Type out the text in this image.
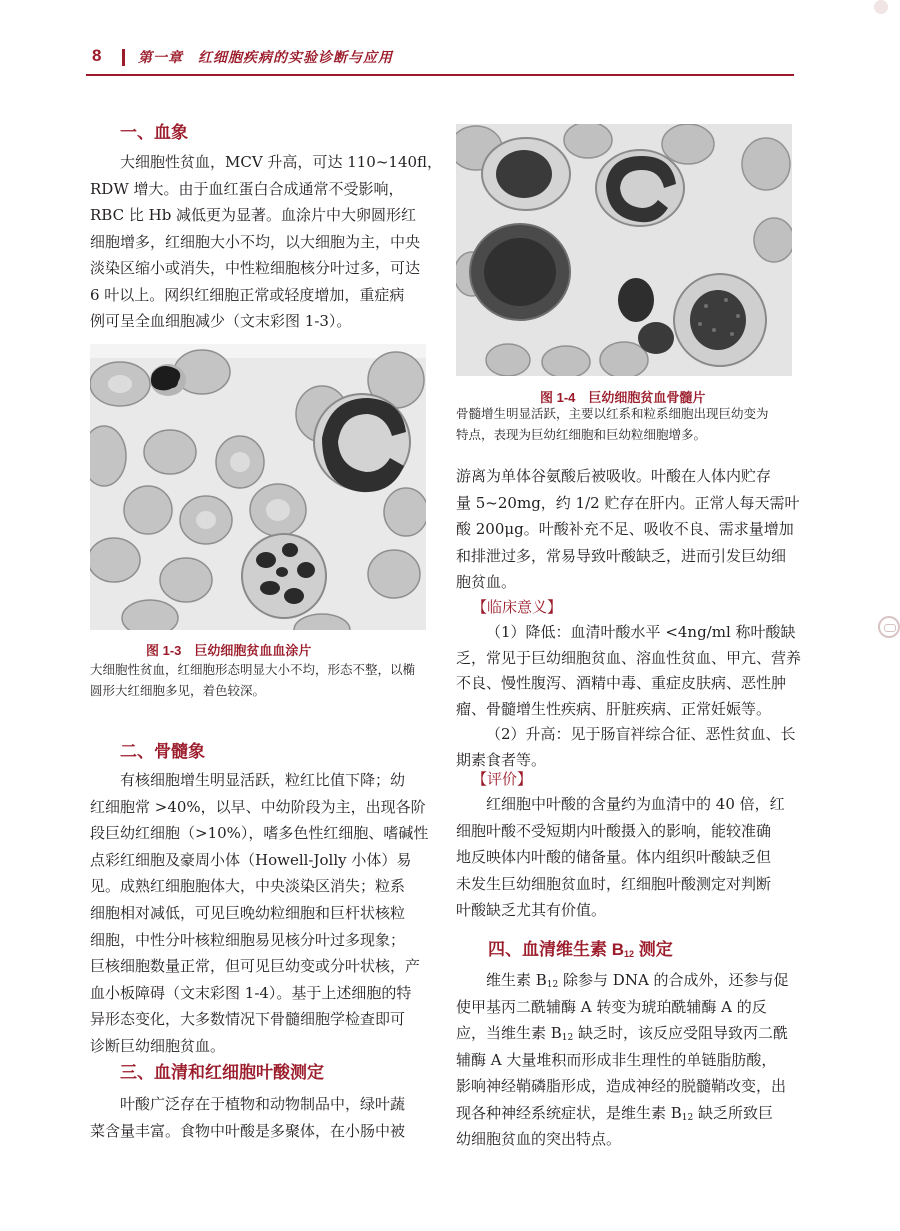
8	第一章　红细胞疾病的实验诊断与应用
一、血象
大细胞性贫血，MCV 升高，可达 110~140fl，
RDW 增大。由于血红蛋白合成通常不受影响，
RBC 比 Hb 减低更为显著。血涂片中大卵圆形红
细胞增多，红细胞大小不均，以大细胞为主，中央
淡染区缩小或消失，中性粒细胞核分叶过多，可达
6 叶以上。网织红细胞正常或轻度增加，重症病
例可呈全血细胞减少（文末彩图 1-3）。
图 1-3　巨幼细胞贫血血涂片
大细胞性贫血，红细胞形态明显大小不均，形态不整，以椭
圆形大红细胞多见，着色较深。
二、骨髓象
有核细胞增生明显活跃，粒红比值下降；幼
红细胞常 >40%，以早、中幼阶段为主，出现各阶
段巨幼红细胞（>10%），嗜多色性红细胞、嗜碱性
点彩红细胞及豪周小体（Howell-Jolly 小体）易
见。成熟红细胞胞体大，中央淡染区消失；粒系
细胞相对减低，可见巨晚幼粒细胞和巨杆状核粒
细胞，中性分叶核粒细胞易见核分叶过多现象；
巨核细胞数量正常，但可见巨幼变或分叶状核，产
血小板障碍（文末彩图 1-4）。基于上述细胞的特
异形态变化，大多数情况下骨髓细胞学检查即可
诊断巨幼细胞贫血。
三、血清和红细胞叶酸测定
叶酸广泛存在于植物和动物制品中，绿叶蔬
菜含量丰富。食物中叶酸是多聚体，在小肠中被
图 1-4　巨幼细胞贫血骨髓片
骨髓增生明显活跃，主要以红系和粒系细胞出现巨幼变为
特点，表现为巨幼红细胞和巨幼粒细胞增多。
游离为单体谷氨酸后被吸收。叶酸在人体内贮存
量 5~20mg，约 1/2 贮存在肝内。正常人每天需叶
酸 200μg。叶酸补充不足、吸收不良、需求量增加
和排泄过多，常易导致叶酸缺乏，进而引发巨幼细
胞贫血。
【临床意义】
（1）降低：血清叶酸水平 <4ng/ml 称叶酸缺
乏，常见于巨幼细胞贫血、溶血性贫血、甲亢、营养
不良、慢性腹泻、酒精中毒、重症皮肤病、恶性肿
瘤、骨髓增生性疾病、肝脏疾病、正常妊娠等。
（2）升高：见于肠盲袢综合征、恶性贫血、长
期素食者等。
【评价】
红细胞中叶酸的含量约为血清中的 40 倍，红
细胞叶酸不受短期内叶酸摄入的影响，能较准确
地反映体内叶酸的储备量。体内组织叶酸缺乏但
未发生巨幼细胞贫血时，红细胞叶酸测定对判断
叶酸缺乏尤其有价值。
四、血清维生素 $B_{12}$ 测定
维生素 $B_{12}$ 除参与 DNA 的合成外，还参与促
使甲基丙二酰辅酶 A 转变为琥珀酰辅酶 A 的反
应，当维生素 $B_{12}$ 缺乏时，该反应受阻导致丙二酰
辅酶 A 大量堆积而形成非生理性的单链脂肪酸，
影响神经鞘磷脂形成，造成神经的脱髓鞘改变，出
现各种神经系统症状，是维生素 $B_{12}$ 缺乏所致巨
幼细胞贫血的突出特点。
